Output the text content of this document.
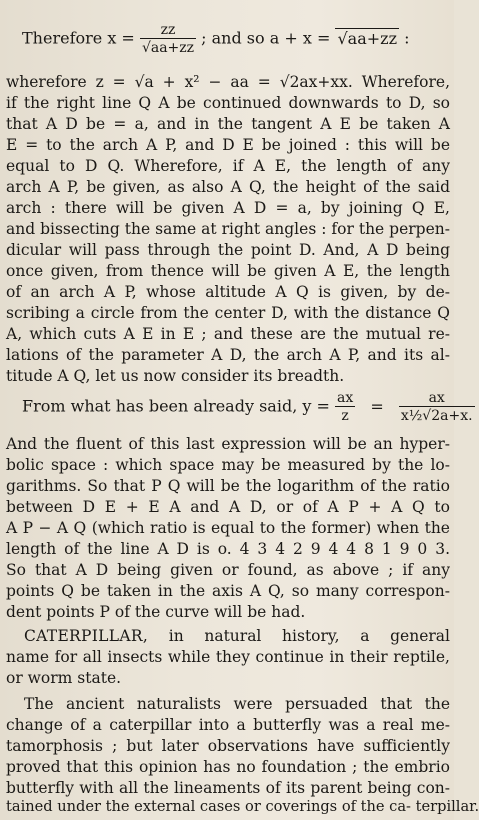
Therefore $x = \frac{zz}{√aa+zz}$ ; and so a + x = √aa+zz :
wherefore z = √a + x² − aa = √2ax+xx. Wherefore,
if the right line Q A be continued downwards to D, so
that A D be = a, and in the tangent A E be taken A
E = to the arch A P, and D E be joined : this will be
equal to D Q. Wherefore, if A E, the length of any
arch A P, be given, as also A Q, the height of the said
arch : there will be given A D = a, by joining Q E,
and bissecting the same at right angles : for the perpen-
dicular will pass through the point D. And, A D being
once given, from thence will be given A E, the length
of an arch A P, whose altitude A Q is given, by de-
scribing a circle from the center D, with the distance Q
A, which cuts A E in E ; and these are the mutual re-
lations of the parameter A D, the arch A P, and its al-
titude A Q, let us now consider its breadth.
From what has been already said, $y = \frac{ax}{z} = \frac{ax}{\text{x½√2a+x.}}$
And the fluent of this last expression will be an hyper-
bolic space : which space may be measured by the lo-
garithms. So that P Q will be the logarithm of the ratio
between D E + E A and A D, or of A P + A Q to
A P − A Q (which ratio is equal to the former) when the
length of the line A D is o. 4 3 4 2 9 4 4 8 1 9 0 3.
So that A D being given or found, as above ; if any
points Q be taken in the axis A Q, so many correspon-
dent points P of the curve will be had.
CATERPILLAR, in natural history, a general
name for all insects while they continue in their reptile,
or worm state.
The ancient naturalists were persuaded that the
change of a caterpillar into a butterfly was a real me-
tamorphosis ; but later observations have sufficiently
proved that this opinion has no foundation ; the embrio
butterfly with all the lineaments of its parent being con-
tained under the external cases or coverings of the ca- terpillar.
